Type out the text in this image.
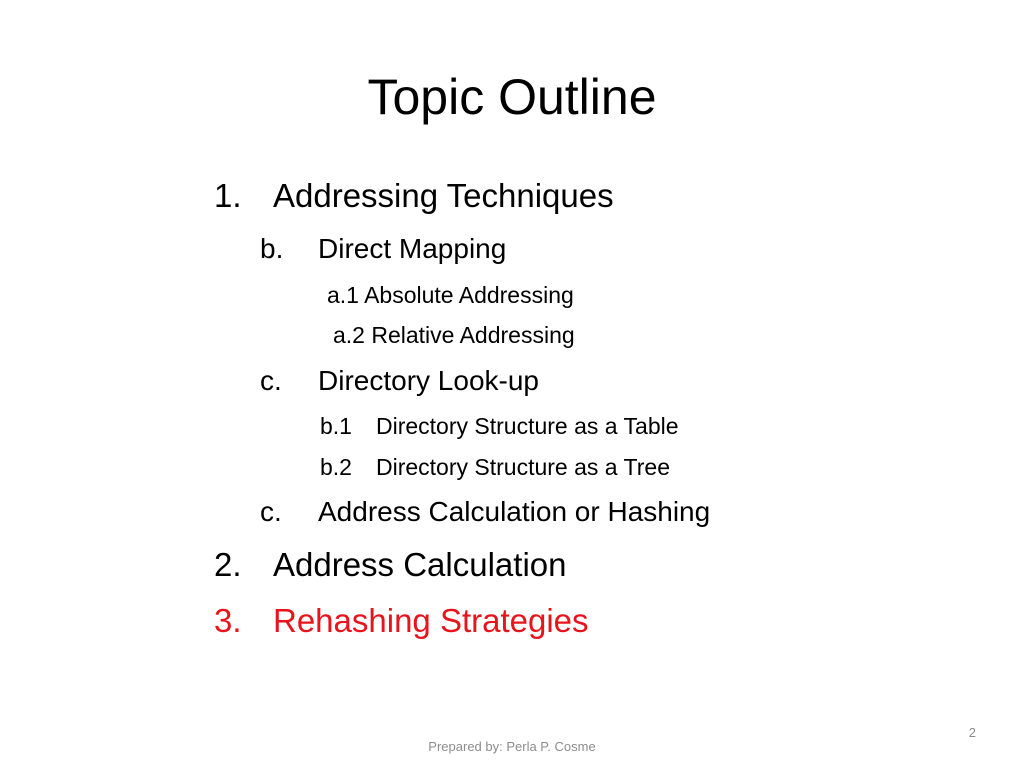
Topic Outline
1. Addressing Techniques
b. Direct Mapping
a.1 Absolute Addressing
a.2 Relative Addressing
c. Directory Look-up
b.1 Directory Structure as a Table
b.2 Directory Structure as a Tree
c. Address Calculation or Hashing
2. Address Calculation
3. Rehashing Strategies
2
Prepared by: Perla P. Cosme
